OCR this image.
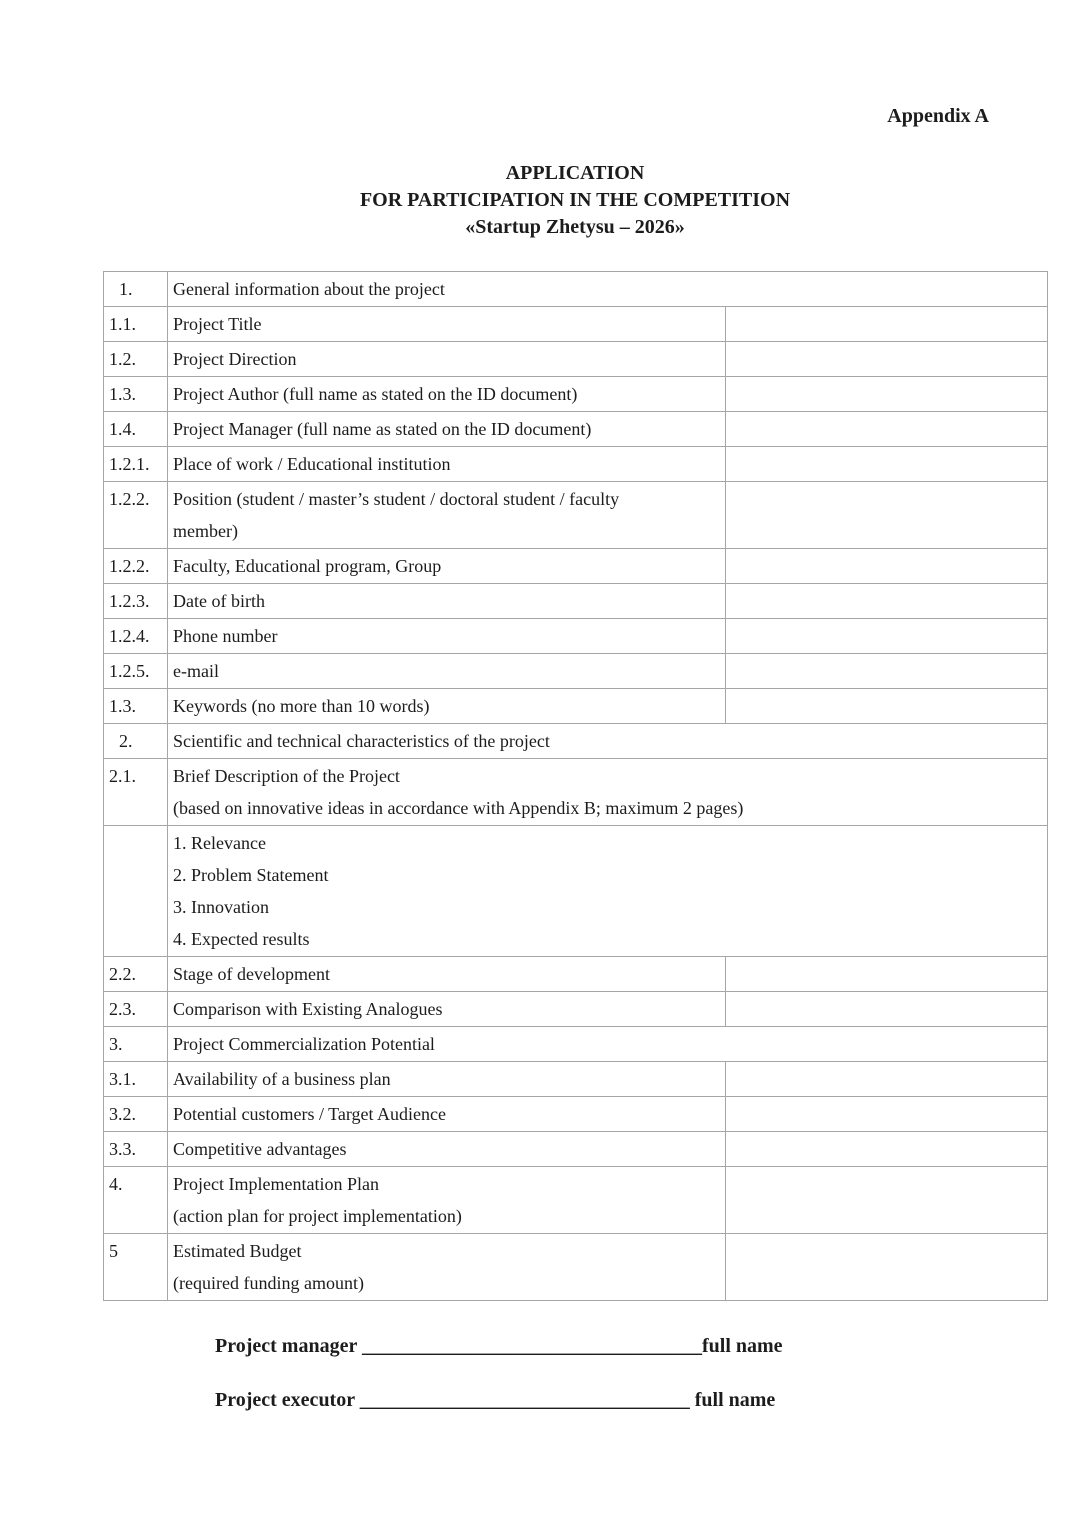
Appendix A
APPLICATION
FOR PARTICIPATION IN THE COMPETITION
«Startup Zhetysu – 2026»
1.	General information about the project	

1.1.	Project Title	

1.2.	Project Direction	

1.3.	Project Author (full name as stated on the ID document)	

1.4.	Project Manager (full name as stated on the ID document)	

1.2.1.	Place of work / Educational institution	

1.2.2.	Position (student / master’s student / doctoral student / faculty
member)	

1.2.2.	Faculty, Educational program, Group	

1.2.3.	Date of birth	

1.2.4.	Phone number	

1.2.5.	e-mail	

1.3.	Keywords (no more than 10 words)	

2.	Scientific and technical characteristics of the project	

2.1.	Brief Description of the Project
(based on innovative ideas in accordance with Appendix B; maximum 2 pages)	

	1. Relevance
2. Problem Statement
3. Innovation
4. Expected results	

2.2.	Stage of development	

2.3.	Comparison with Existing Analogues	

3.	Project Commercialization Potential	

3.1.	Availability of a business plan	

3.2.	Potential customers / Target Audience	

3.3.	Competitive advantages	

4.	Project Implementation Plan
(action plan for project implementation)	

5	Estimated Budget
(required funding amount)	

Project manager __________________________________full name
Project executor _________________________________ full name
